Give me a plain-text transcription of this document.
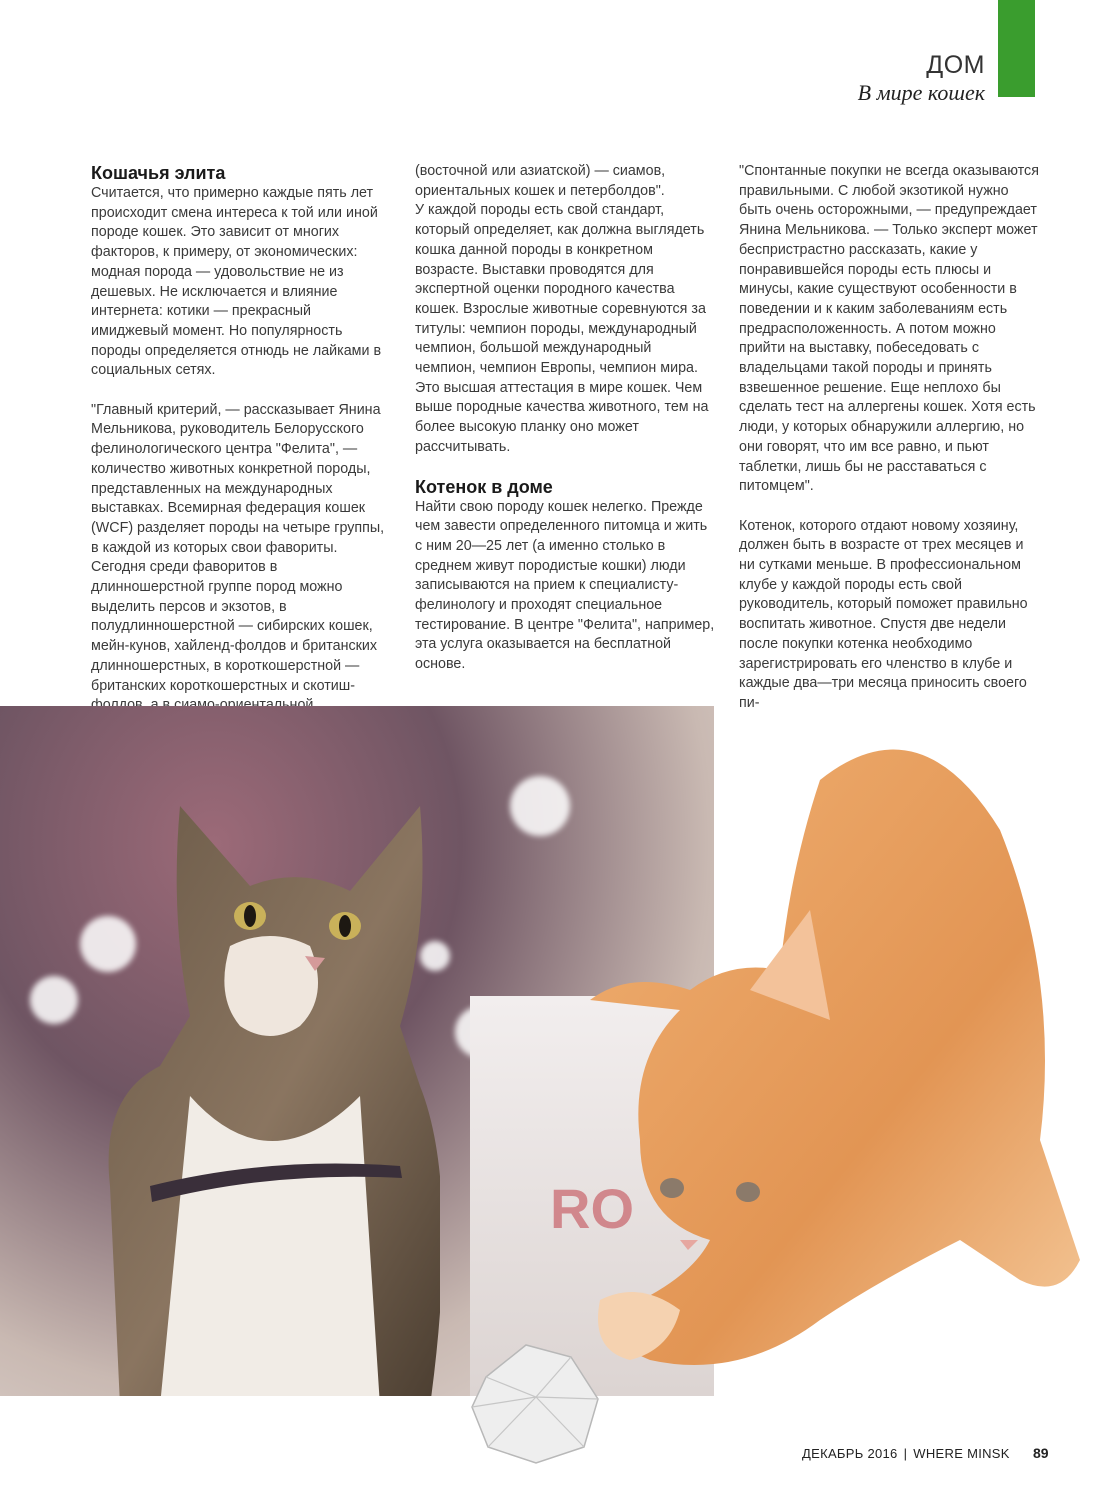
ДОМ
В мире кошек
Кошачья элита

Считается, что примерно каждые пять лет происходит смена интереса к той или иной породе кошек. Это зависит от многих факторов, к примеру, от экономических: модная порода — удовольствие не из дешевых. Не исключается и влияние интернета: котики — прекрасный имиджевый момент. Но популярность породы определяется отнюдь не лайками в социальных сетях.

"Главный критерий, — рассказывает Янина Мельникова, руководитель Белорусского фелинологического центра "Фелита", — количество животных конкретной породы, представленных на международных выставках. Всемирная федерация кошек (WCF) разделяет породы на четыре группы, в каждой из которых свои фавориты. Сегодня среди фаворитов в длинношерстной группе пород можно выделить персов и экзотов, в полудлинношерстной — сибирских кошек, мейн-кунов, хайленд-фолдов и британских длинношерстных, в короткошерстной — британских короткошерстных и скотиш-

(восточной или азиатской) — сиамов, ориентальных кошек и петерболдов".

У каждой породы есть свой стандарт, который определяет, как должна выглядеть кошка данной породы в конкретном возрасте. Выставки проводятся для экспертной оценки породного качества кошек. Взрослые животные соревнуются за титулы: чемпион породы, международный чемпион, большой международный чемпион, чемпион Европы, чемпион мира. Это высшая аттестация в мире кошек. Чем выше породные качества животного, тем на более высокую планку оно может рассчитывать.

Котенок в доме

Найти свою породу кошек нелегко. Прежде чем завести определенного питомца и жить с ним 20—25 лет (а именно столько в среднем живут породистые кошки) люди записываются на прием к специалисту-фелинологу и проходят специальное тестирование. В центре "Фелита", например, эта услуга оказывается на бесплатной основе.

"Спонтанные покупки не всегда оказываются правильными. С любой экзотикой нужно быть очень осторожными, — предупреждает Янина Мельникова. — Только эксперт может беспристрастно рассказать, какие у понравившейся породы есть плюсы и минусы, какие существуют особенности в поведении и к каким заболеваниям есть предрасположенность. А потом можно прийти на выставку, побеседовать с владельцами такой породы и принять взвешенное решение. Еще неплохо бы сделать тест на аллергены кошек. Хотя есть люди, у которых обнаружили аллергию, но они говорят, что им все равно, и пьют таблетки, лишь бы не расставаться с питомцем".

Котенок, которого отдают новому хозяину, должен быть в возрасте от трех месяцев и ни сутками меньше. В профессиональном клубе у каждой породы есть свой руководитель, который поможет правильно воспитать животное. Спустя две недели после покупки котенка необходимо зарегистрировать его членство в клубе и каждые два—три месяца приносить своего пи-

RO
ДЕКАБРЬ 2016 | WHERE MINSK 89
